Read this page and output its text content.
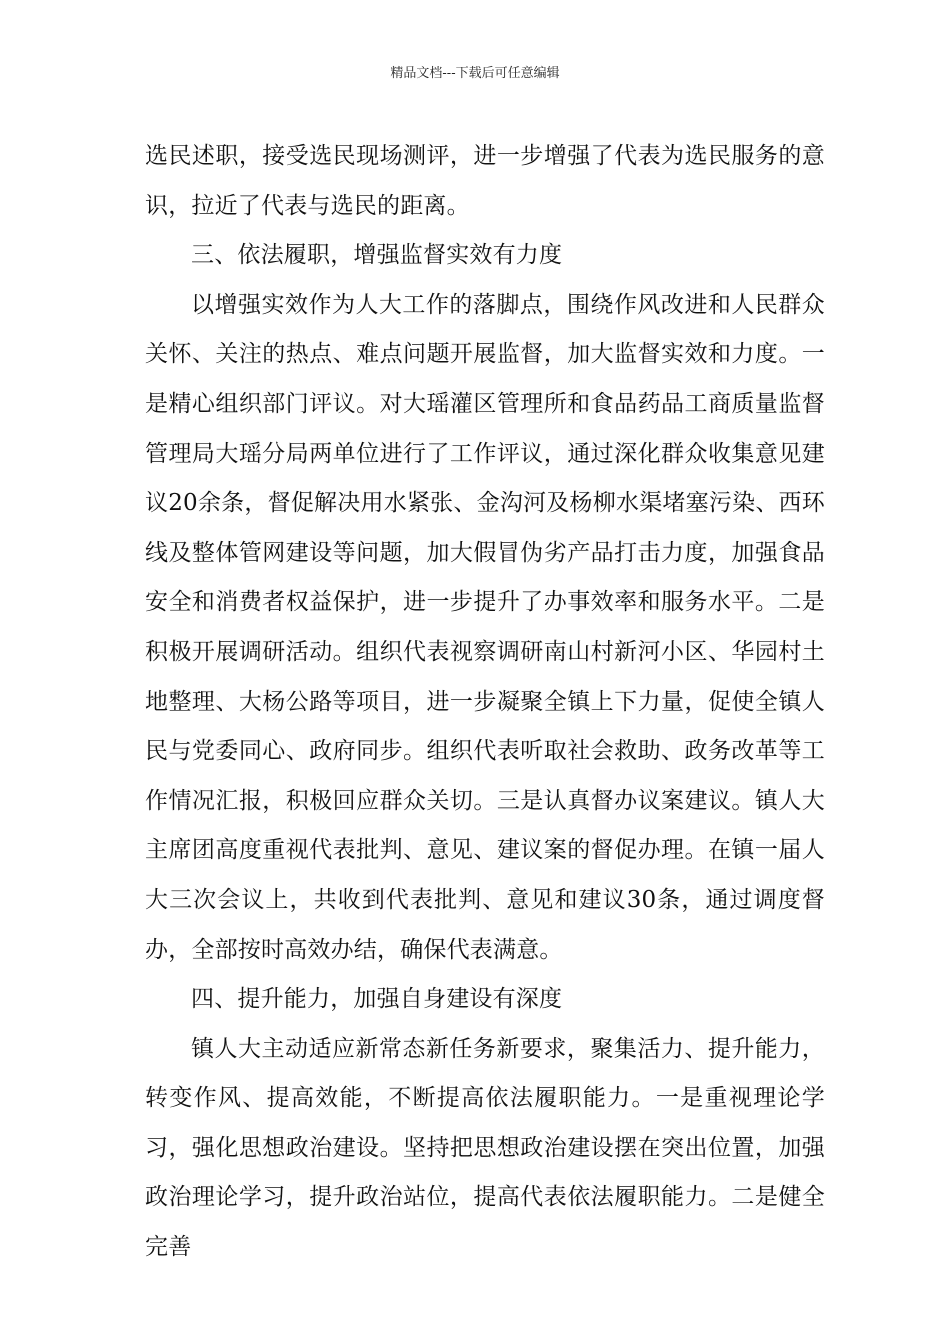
精品文档---下载后可任意编辑

选民述职，接受选民现场测评，进一步增强了代表为选民服务的意识，拉近了代表与选民的距离。

三、依法履职，增强监督实效有力度

以增强实效作为人大工作的落脚点，围绕作风改进和人民群众关怀、关注的热点、难点问题开展监督，加大监督实效和力度。一是精心组织部门评议。对大瑶灌区管理所和食品药品工商质量监督管理局大瑶分局两单位进行了工作评议，通过深化群众收集意见建议20余条，督促解决用水紧张、金沟河及杨柳水渠堵塞污染、西环线及整体管网建设等问题，加大假冒伪劣产品打击力度，加强食品安全和消费者权益保护，进一步提升了办事效率和服务水平。二是积极开展调研活动。组织代表视察调研南山村新河小区、华园村土地整理、大杨公路等项目，进一步凝聚全镇上下力量，促使全镇人民与党委同心、政府同步。组织代表听取社会救助、政务改革等工作情况汇报，积极回应群众关切。三是认真督办议案建议。镇人大主席团高度重视代表批判、意见、建议案的督促办理。在镇一届人大三次会议上，共收到代表批判、意见和建议30条，通过调度督办，全部按时高效办结，确保代表满意。

四、提升能力，加强自身建设有深度

镇人大主动适应新常态新任务新要求，聚集活力、提升能力，转变作风、提高效能，不断提高依法履职能力。一是重视理论学习，强化思想政治建设。坚持把思想政治建设摆在突出位置，加强政治理论学习，提升政治站位，提高代表依法履职能力。二是健全完善
